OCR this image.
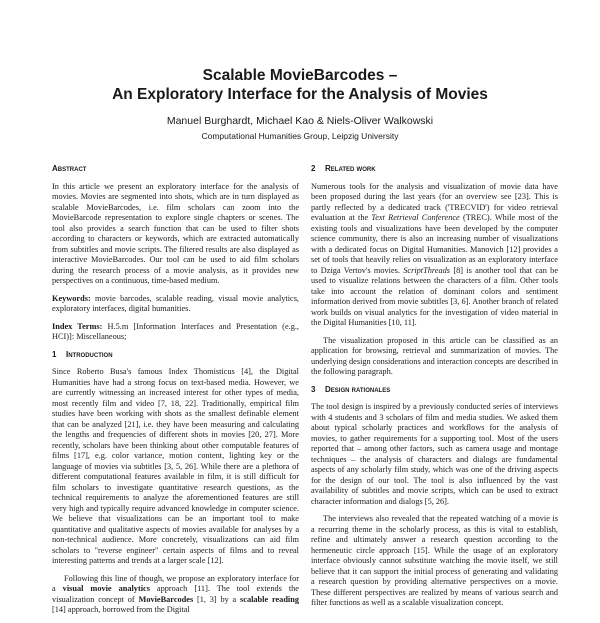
Scalable MovieBarcodes –
An Exploratory Interface for the Analysis of Movies
Manuel Burghardt, Michael Kao & Niels-Oliver Walkowski
Computational Humanities Group, Leipzig University
Abstract

In this article we present an exploratory interface for the analysis of movies. Movies are segmented into shots, which are in turn displayed as scalable MovieBarcodes, i.e. film scholars can zoom into the MovieBarcode representation to explore single chapters or scenes. The tool also provides a search function that can be used to filter shots according to characters or keywords, which are extracted automatically from subtitles and movie scripts. The filtered results are also displayed as interactive MovieBarcodes. Our tool can be used to aid film scholars during the research process of a movie analysis, as it provides new perspectives on a continuous, time-based medium.

Keywords: movie barcodes, scalable reading, visual movie analytics, exploratory interfaces, digital humanities.

Index Terms: H.5.m [Information Interfaces and Presentation (e.g., HCI)]: Miscellaneous;

1 Introduction

Since Roberto Busa's famous Index Thomisticus [4], the Digital Humanities have had a strong focus on text-based media. However, we are currently witnessing an increased interest for other types of media, most recently film and video [7, 18, 22]. Traditionally, empirical film studies have been working with shots as the smallest definable element that can be analyzed [21], i.e. they have been measuring and calculating the lengths and frequencies of different shots in movies [20, 27]. More recently, scholars have been thinking about other computable features of films [17], e.g. color variance, motion content, lighting key or the language of movies via subtitles [3, 5, 26]. While there are a plethora of different computational features available in film, it is still difficult for film scholars to investigate quantitative research questions, as the technical requirements to analyze the aforementioned features are still very high and typically require advanced knowledge in computer science. We believe that visualizations can be an important tool to make quantitative and qualitative aspects of movies available for analyses by a non-technical audience. More concretely, visualizations can aid film scholars to "reverse engineer" certain aspects of films and to reveal interesting patterns and trends at a larger scale [12].

Following this line of though, we propose an exploratory interface for a visual movie analytics approach [11]. The tool extends the visualization concept of MovieBarcodes [1, 3] by a scalable reading [14] approach, borrowed from the Digital

2 Related work

Numerous tools for the analysis and visualization of movie data have been proposed during the last years (for an overview see [23]. This is partly reflected by a dedicated track ('TRECVID') for video retrieval evaluation at the Text Retrieval Conference (TREC). While most of the existing tools and visualizations have been developed by the computer science community, there is also an increasing number of visualizations with a dedicated focus on Digital Humanities. Manovich [12] provides a set of tools that heavily relies on visualization as an exploratory interface to Dziga Vertov's movies. ScriptThreads [8] is another tool that can be used to visualize relations between the characters of a film. Other tools take into account the relation of dominant colors and sentiment information derived from movie subtitles [3, 6]. Another branch of related work builds on visual analytics for the investigation of video material in the Digital Humanities [10, 11].

The visualization proposed in this article can be classified as an application for browsing, retrieval and summarization of movies. The underlying design considerations and interaction concepts are described in the following paragraph.

3 Design rationales

The tool design is inspired by a previously conducted series of interviews with 4 students and 3 scholars of film and media studies. We asked them about typical scholarly practices and workflows for the analysis of movies, to gather requirements for a supporting tool. Most of the users reported that – among other factors, such as camera usage and montage techniques – the analysis of characters and dialogs are fundamental aspects of any scholarly film study, which was one of the driving aspects for the design of our tool. The tool is also influenced by the vast availability of subtitles and movie scripts, which can be used to extract character information and dialogs [5, 26].

The interviews also revealed that the repeated watching of a movie is a recurring theme in the scholarly process, as this is vital to establish, refine and ultimately answer a research question according to the hermeneutic circle approach [15]. While the usage of an exploratory interface obviously cannot substitute watching the movie itself, we still believe that it can support the initial process of generating and validating a research question by providing alternative perspectives on a movie. These different perspectives are realized by means of various search and filter functions as well as a scalable visualization concept.
